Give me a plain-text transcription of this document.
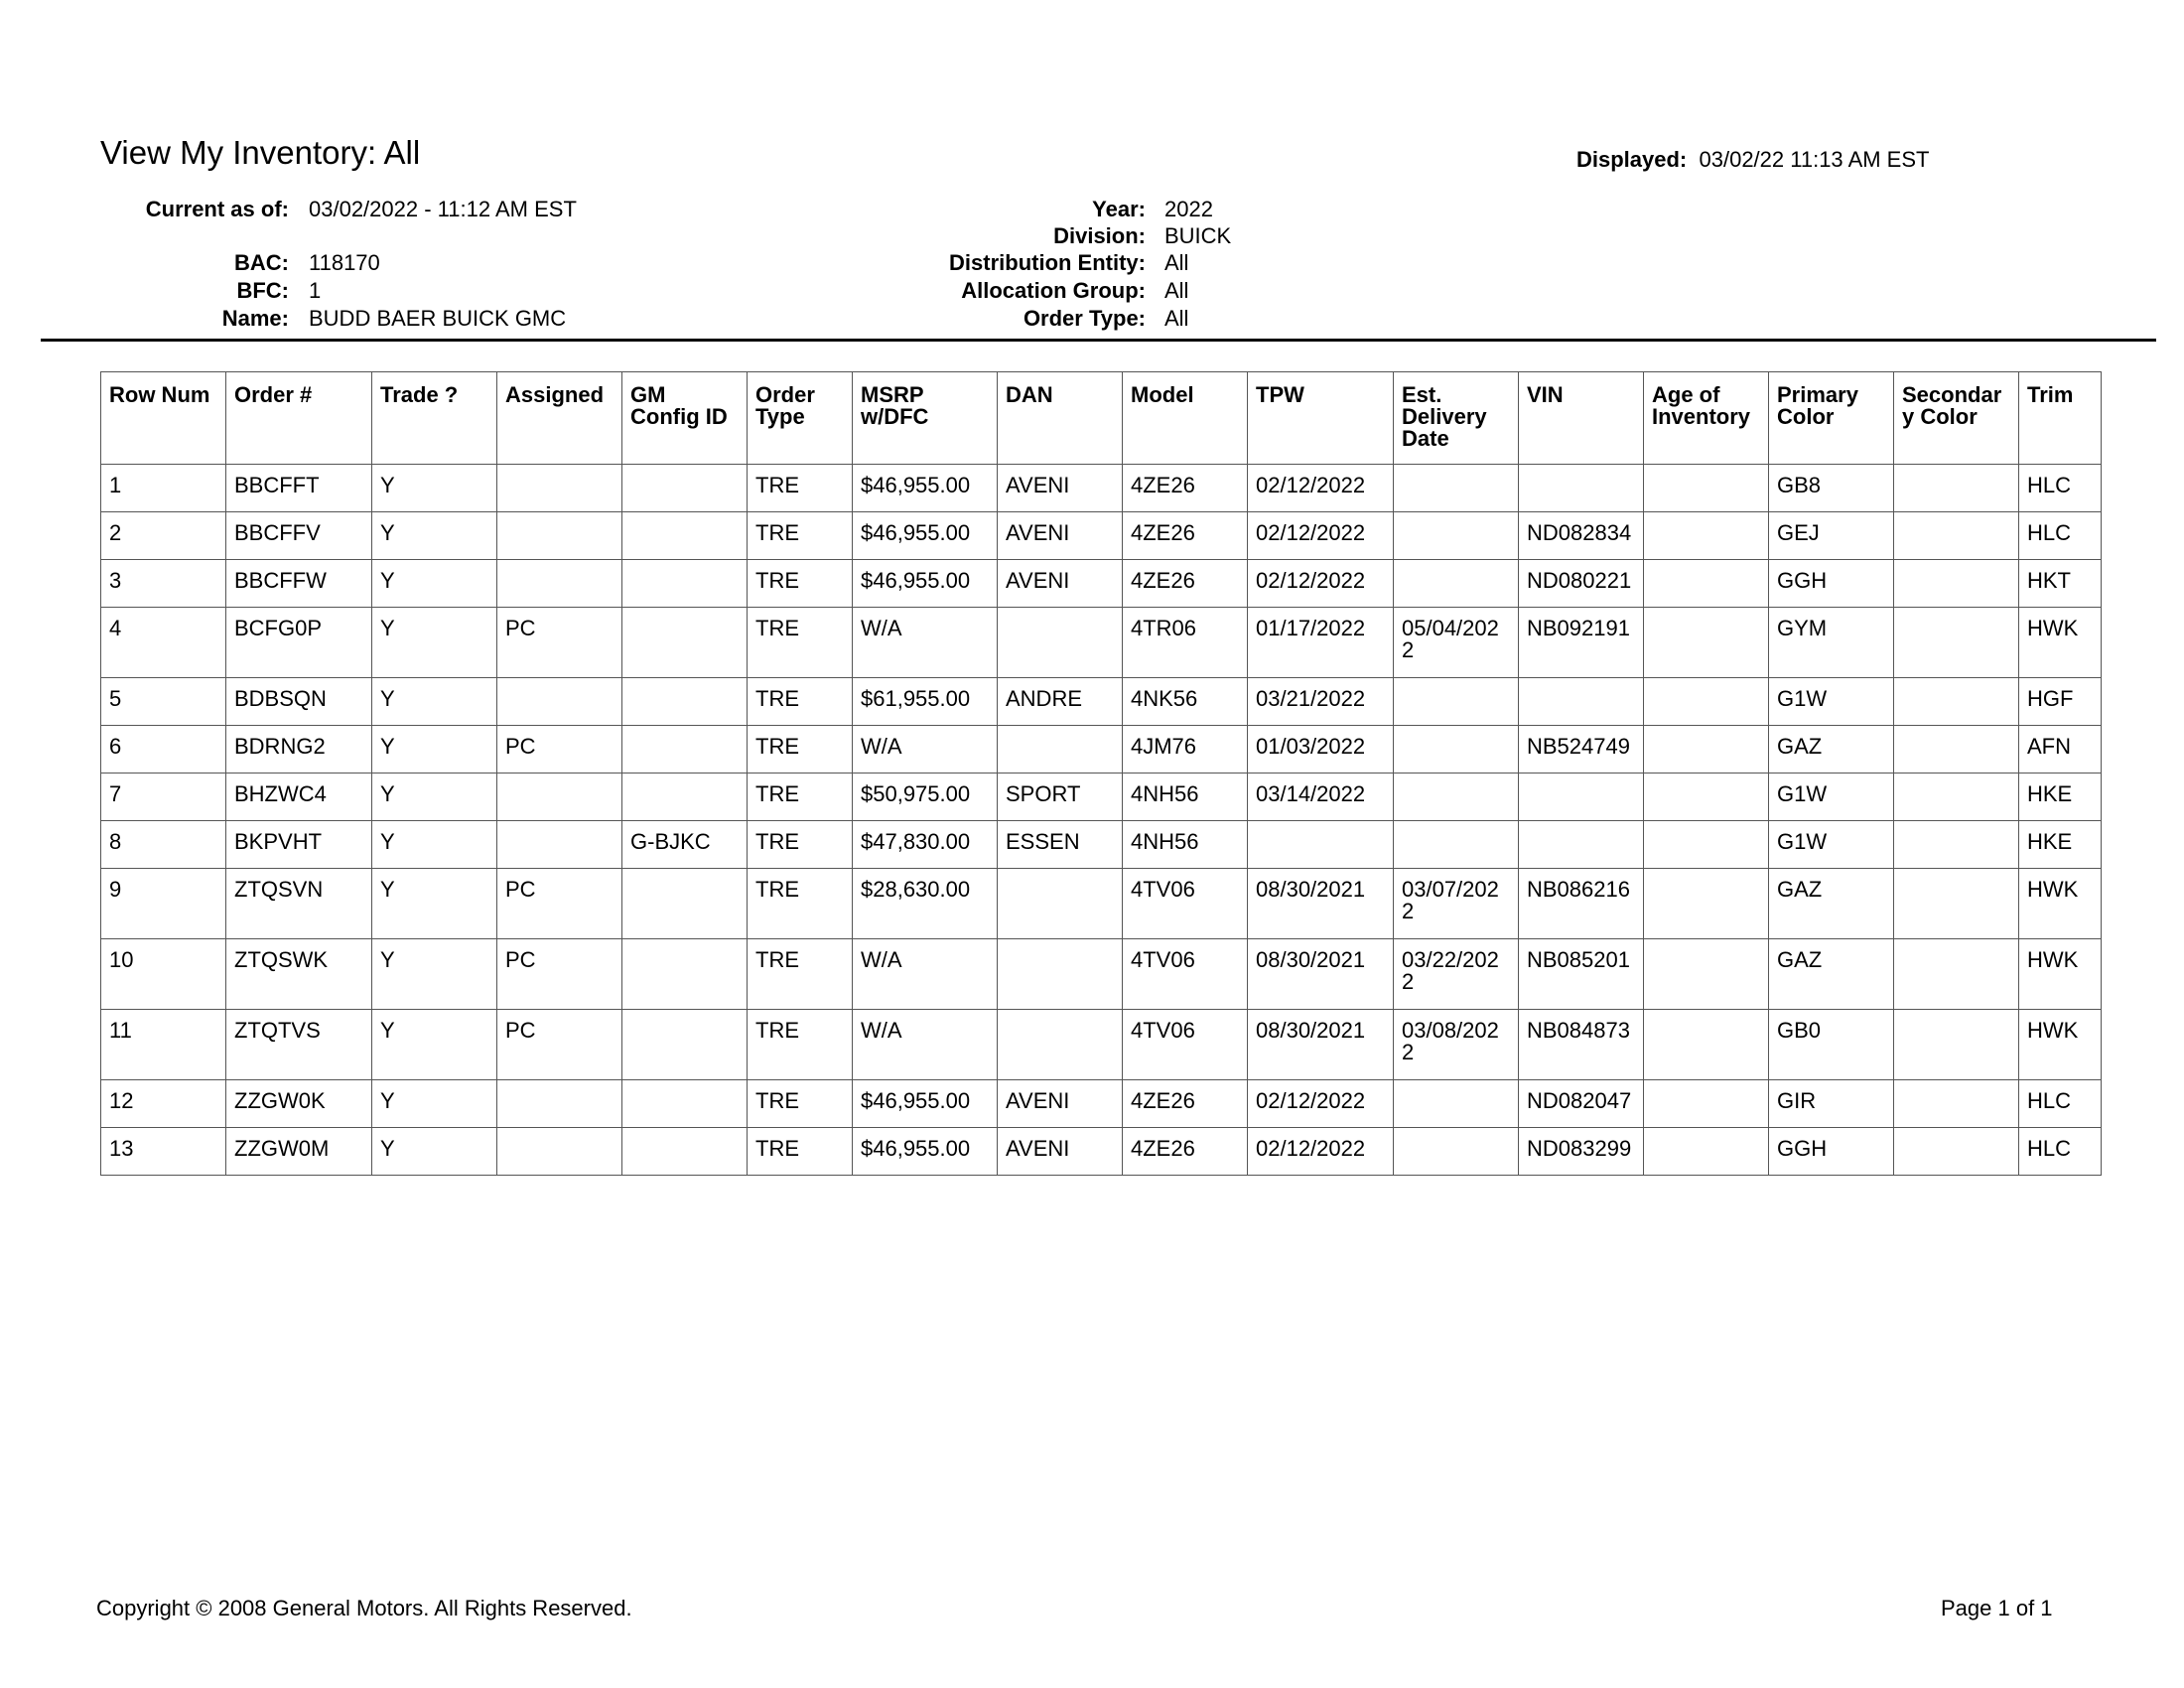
View My Inventory: All	Displayed: 03/02/22 11:13 AM EST
Current as of: 03/02/2022 - 11:12 AM EST
BAC: 118170
BFC: 1
Name: BUDD BAER BUICK GMC
Year: 2022
Division: BUICK
Distribution Entity: All
Allocation Group: All
Order Type: All
Row Num	Order #	Trade ?	Assigned	GM Config ID	Order Type	MSRP w/DFC	DAN	Model	TPW	Est. Delivery Date	VIN	Age of Inventory	Primary Color	Secondary Color	Trim
1	BBCFFT	Y			TRE	$46,955.00	AVENI	4ZE26	02/12/2022				GB8		HLC
2	BBCFFV	Y			TRE	$46,955.00	AVENI	4ZE26	02/12/2022		ND082834		GEJ		HLC
3	BBCFFW	Y			TRE	$46,955.00	AVENI	4ZE26	02/12/2022		ND080221		GGH		HKT
4	BCFG0P	Y	PC		TRE	W/A		4TR06	01/17/2022	05/04/2022	NB092191		GYM		HWK
5	BDBSQN	Y			TRE	$61,955.00	ANDRE	4NK56	03/21/2022				G1W		HGF
6	BDRNG2	Y	PC		TRE	W/A		4JM76	01/03/2022		NB524749		GAZ		AFN
7	BHZWC4	Y			TRE	$50,975.00	SPORT	4NH56	03/14/2022				G1W		HKE
8	BKPVHT	Y		G-BJKC	TRE	$47,830.00	ESSEN	4NH56					G1W		HKE
9	ZTQSVN	Y	PC		TRE	$28,630.00		4TV06	08/30/2021	03/07/2022	NB086216		GAZ		HWK
10	ZTQSWK	Y	PC		TRE	W/A		4TV06	08/30/2021	03/22/2022	NB085201		GAZ		HWK
11	ZTQTVS	Y	PC		TRE	W/A		4TV06	08/30/2021	03/08/2022	NB084873		GB0		HWK
12	ZZGW0K	Y			TRE	$46,955.00	AVENI	4ZE26	02/12/2022		ND082047		GIR		HLC
13	ZZGW0M	Y			TRE	$46,955.00	AVENI	4ZE26	02/12/2022		ND083299		GGH		HLC
Copyright © 2008 General Motors. All Rights Reserved.	Page 1 of 1
